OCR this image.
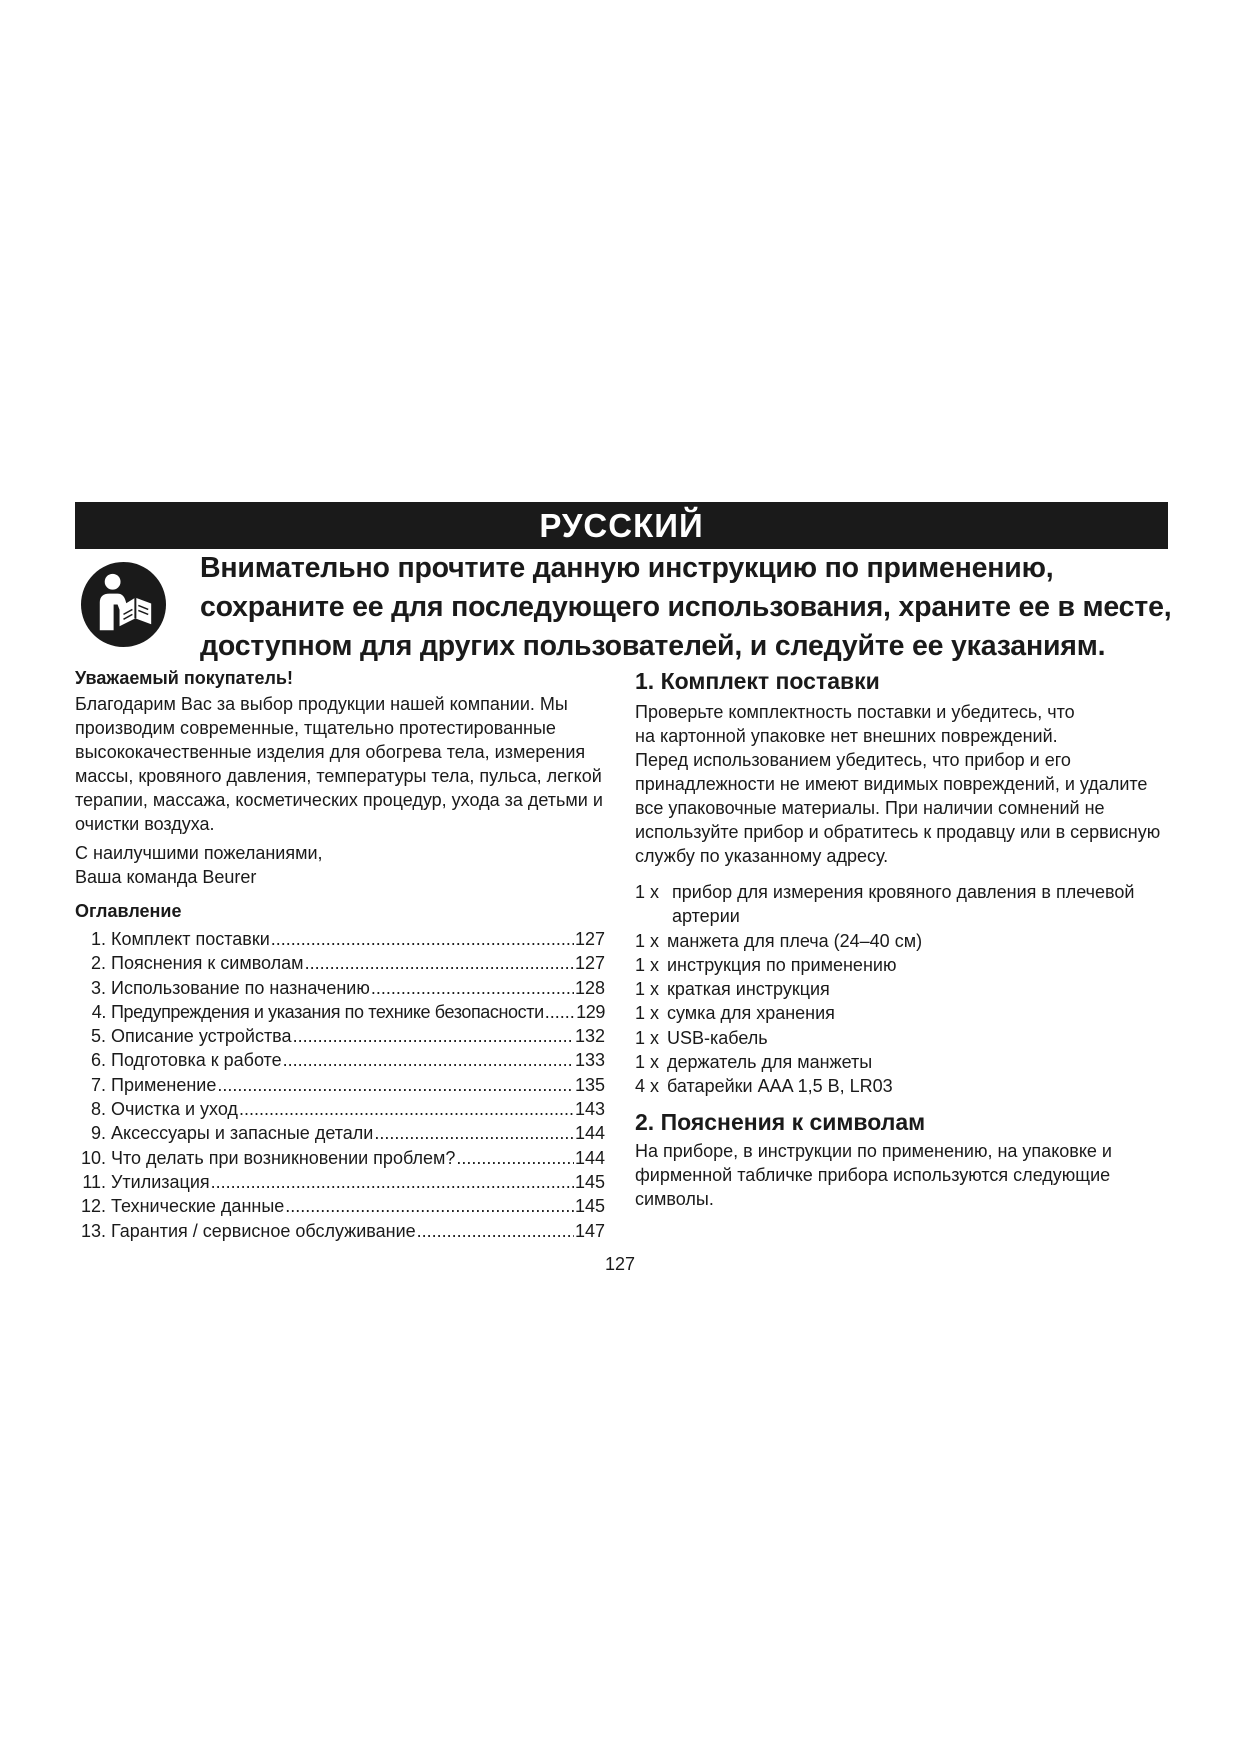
РУССКИЙ

Внимательно прочтите данную инструкцию по применению, сохраните ее для последующего использования, храните ее в месте, доступном для других пользователей, и следуйте ее указаниям.

Уважаемый покупатель!

Благодарим Вас за выбор продукции нашей компании. Мы производим современные, тщательно протестированные высококачественные изделия для обогрева тела, измерения массы, кровяного давления, температуры тела, пульса, легкой терапии, массажа, косметических процедур, ухода за детьми и очистки воздуха.

С наилучшими пожеланиями,

Ваша команда Beurer

Оглавление

1. Комплект поставки .....	127
2. Пояснения к символам .....	127
3. Использование по назначению .....	128
4. Предупреждения и указания по технике безопасности ..... 129
5. Описание устройства .....	132
6. Подготовка к работе .....	133
7. Применение .....	135
8. Очистка и уход .....	143
9. Аксессуары и запасные детали .....	144
10. Что делать при возникновении проблем? .....	144
11. Утилизация .....	145
12. Технические данные .....	145
13. Гарантия / сервисное обслуживание .....	147

1. Комплект поставки

Проверьте комплектность поставки и убедитесь, что

на картонной упаковке нет внешних повреждений.

Перед использованием убедитесь, что прибор и его принадлежности не имеют видимых повреждений, и удалите все упаковочные материалы. При наличии сомнений не используйте прибор и обратитесь к продавцу или в сервисную службу по указанному адресу.

1 x прибор для измерения кровяного давления в плечевой артерии
1 x манжета для плеча (24–40 см)
1 x инструкция по применению
1 x краткая инструкция
1 x сумка для хранения
1 x USB-кабель
1 x держатель для манжеты
4 x батарейки AAA 1,5 В, LR03

2. Пояснения к символам

На приборе, в инструкции по применению, на упаковке и фирменной табличке прибора используются следующие символы.

127
